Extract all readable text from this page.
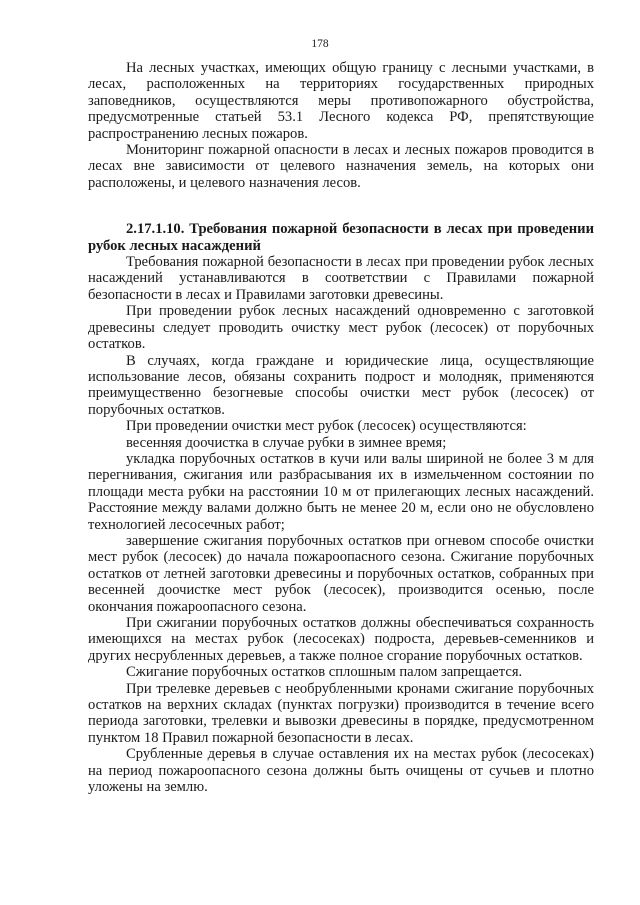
178

На лесных участках, имеющих общую границу с лесными участками, в лесах, расположенных на территориях государственных природных заповедников, осуществляются меры противопожарного обустройства, предусмотренные статьей 53.1 Лесного кодекса РФ, препятствующие распространению лесных пожаров.

Мониторинг пожарной опасности в лесах и лесных пожаров проводится в лесах вне зависимости от целевого назначения земель, на которых они расположены, и целевого назначения лесов.

2.17.1.10. Требования пожарной безопасности в лесах при проведении рубок лесных насаждений

Требования пожарной безопасности в лесах при проведении рубок лесных насаждений устанавливаются в соответствии с Правилами пожарной безопасности в лесах и Правилами заготовки древесины.

При проведении рубок лесных насаждений одновременно с заготовкой древесины следует проводить очистку мест рубок (лесосек) от порубочных остатков.

В случаях, когда граждане и юридические лица, осуществляющие использование лесов, обязаны сохранить подрост и молодняк, применяются преимущественно безогневые способы очистки мест рубок (лесосек) от порубочных остатков.

При проведении очистки мест рубок (лесосек) осуществляются:

весенняя доочистка в случае рубки в зимнее время;

укладка порубочных остатков в кучи или валы шириной не более 3 м для перегнивания, сжигания или разбрасывания их в измельченном состоянии по площади места рубки на расстоянии 10 м от прилегающих лесных насаждений. Расстояние между валами должно быть не менее 20 м, если оно не обусловлено технологией лесосечных работ;

завершение сжигания порубочных остатков при огневом способе очистки мест рубок (лесосек) до начала пожароопасного сезона. Сжигание порубочных остатков от летней заготовки древесины и порубочных остатков, собранных при весенней доочистке мест рубок (лесосек), производится осенью, после окончания пожароопасного сезона.

При сжигании порубочных остатков должны обеспечиваться сохранность имеющихся на местах рубок (лесосеках) подроста, деревьев-семенников и других несрубленных деревьев, а также полное сгорание порубочных остатков.

Сжигание порубочных остатков сплошным палом запрещается.

При трелевке деревьев с необрубленными кронами сжигание порубочных остатков на верхних складах (пунктах погрузки) производится в течение всего периода заготовки, трелевки и вывозки древесины в порядке, предусмотренном пунктом 18 Правил пожарной безопасности в лесах.

Срубленные деревья в случае оставления их на местах рубок (лесосеках) на период пожароопасного сезона должны быть очищены от сучьев и плотно уложены на землю.
